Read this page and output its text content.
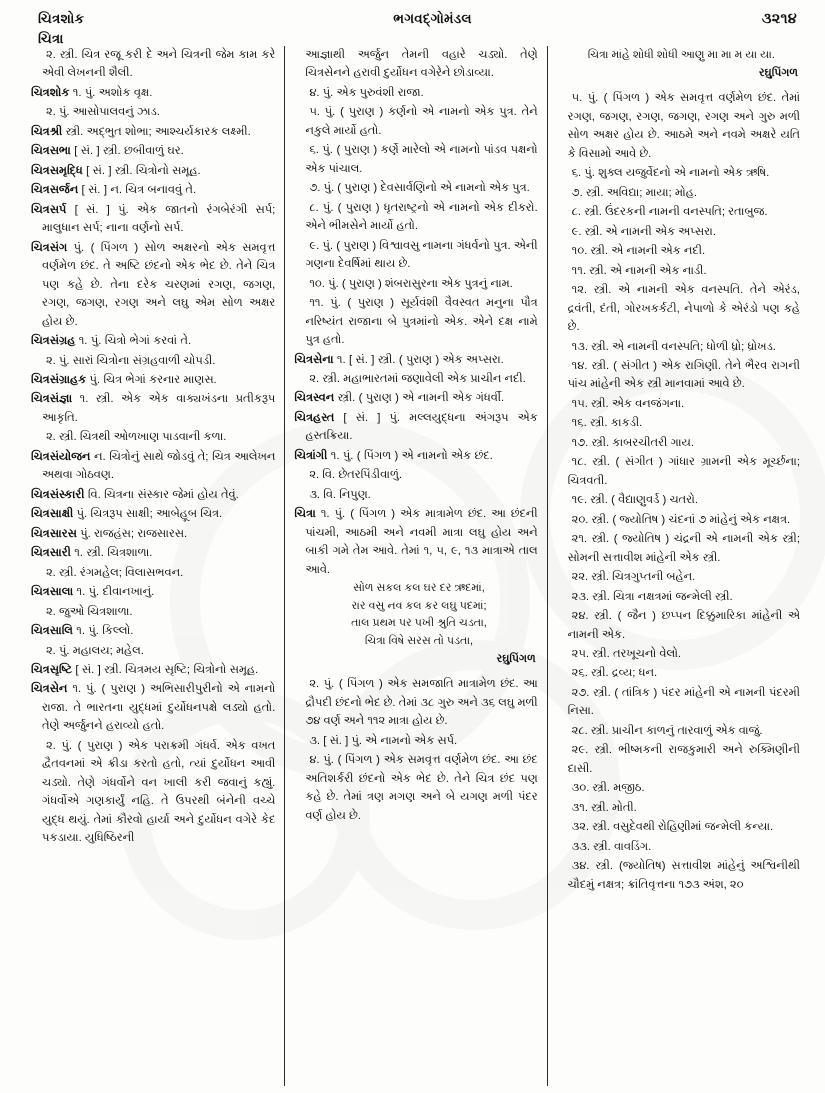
ચિત્રશોક	ભગવદ્ગોમંડલ	૩૨૧૪
ચિત્રા

૨. સ્ત્રી. ચિત્ર રજૂ કરી દે અને ચિત્રની જેમ કામ કરે એવી લેખનની શૈલી.

ચિત્રશોક ૧. પું. અશોક વૃક્ષ.

૨. પું. આસોપાલવનું ઝાડ.

ચિત્રશ્રી સ્ત્રી. અદ્ભુત શોભા; આશ્ચર્યકારક લક્ષ્મી.

ચિત્રસભા [ સં. ] સ્ત્રી. છબીવાળું ઘર.

ચિત્રસમૃદ્ધિ [ સં. ] સ્ત્રી. ચિત્રોનો સમૂહ.

ચિત્રસર્જન [ સં. ] ન. ચિત્ર બનાવવું તે.

ચિત્રસર્પ [ સં. ] પું. એક જાતનો રંગબેરંગી સર્પ; માલુધાન સર્પ; નાના વર્ણનો સર્પ.

ચિત્રસંગ પું. ( પિંગળ ) સોળ અક્ષરનો એક સમવૃત્ત વર્ણમેળ છંદ. તે અષ્ટિ છંદનો એક ભેદ છે. તેને ચિત્ર પણ કહે છે. તેના દરેક ચરણમાં રગણ, જગણ, રગણ, જગણ, રગણ અને લઘુ એમ સોળ અક્ષર હોય છે.

ચિત્રસંગ્રહ ૧. પું. ચિત્રો ભેગાં કરવાં તે.

૨. પું. સારાં ચિત્રોના સંગ્રહવાળી ચોપડી.

ચિત્રસંગ્રાહક પું. ચિત્ર ભેગાં કરનાર માણસ.

ચિત્રસંજ્ઞા ૧. સ્ત્રી. એક એક વાક્યખંડના પ્રતીકરૂપ આકૃતિ.

૨. સ્ત્રી. ચિત્રથી ઓળખાણ પાડવાની કળા.

ચિત્રસંયોજન ન. ચિત્રોનું સાથે જોડવું તે; ચિત્ર આલેખન અથવા ગોઠવણ.

ચિત્રસંસ્કારી વિ. ચિત્રના સંસ્કાર જેમાં હોય તેવું.

ચિત્રસાક્ષી પું. ચિત્રરૂપ સાક્ષી; આબેહૂબ ચિત્ર.

ચિત્રસારસ પું. રાજહંસ; રાજસારસ.

ચિત્રસારી ૧. સ્ત્રી. ચિત્રશાળા.

૨. સ્ત્રી. રંગમહેલ; વિલાસભવન.

ચિત્રસાલા ૧. પું. દીવાનખાનું.

૨. જુઓ ચિત્રશાળા.

ચિત્રસાલિ ૧. પું. કિલ્લો.

૨. પું. મહાલય; મહેલ.

ચિત્રસૃષ્ટિ [ સં. ] સ્ત્રી. ચિત્રમય સૃષ્ટિ; ચિત્રોનો સમૂહ.

ચિત્રસેન ૧. પું. ( પુરાણ ) અભિસારીપુરીનો એ નામનો રાજા. તે ભારતના યુદ્ધમાં દુર્યોધનપક્ષે લડ્યો હતો. તેણે અર્જુનને હરાવ્યો હતો.

૨. પું. ( પુરાણ ) એક પરાક્રમી ગંધર્વ. એક વખત દ્વૈતવનમાં એ ક્રીડા કરતો હતો, ત્યાં દુર્યોધન આવી ચડ્યો. તેણે ગંધર્વોને વન ખાલી કરી જવાનું કહ્યું. ગંધર્વોએ ગણકાર્યું નહિ. તે ઉપરથી બંનેની વચ્ચે યુદ્ધ થયું. તેમાં કૌરવો હાર્યા અને દુર્યોધન વગેરે કેદ પકડાયા. યુધિષ્ઠિરની

આજ્ઞાથી અર્જુન તેમની વહારે ચડ્યો. તેણે ચિત્રસેનને હરાવી દુર્યોધન વગેરેને છોડાવ્યા.

૪. પું. એક પુરુવંશી રાજા.

૫. પું. ( પુરાણ ) કર્ણનો એ નામનો એક પુત્ર. તેને નકુલે માર્યો હતો.

૬. પું. ( પુરાણ ) કર્ણે મારેલો એ નામનો પાંડવ પક્ષનો એક પાંચાલ.

૭. પું. ( પુરાણ ) દેવસાર્વણિનો એ નામનો એક પુત્ર.

૮. પું. ( પુરાણ ) ધૃતરાષ્ટ્રનો એ નામનો એક દીકરો. એને ભીમસેને માર્યો હતો.

૯. પું. ( પુરાણ ) વિશ્વાવસુ નામના ગંધર્વનો પુત્ર. એની ગણના દેવર્ષિમાં થાય છે.

૧૦. પું. ( પુરાણ ) શંબરાસુરના એક પુત્રનું નામ.

૧૧. પું. ( પુરાણ ) સૂર્યવંશી વૈવસ્વત મનુના પૌત્ર નરિષ્યંત રાજાના બે પુત્રમાંનો એક. એને દક્ષ નામે પુત્ર હતો.

ચિત્રસેના ૧. [ સં. ] સ્ત્રી. ( પુરાણ ) એક અપ્સરા.

૨. સ્ત્રી. મહાભારતમાં જણાવેલી એક પ્રાચીન નદી.

ચિત્રસ્વન સ્ત્રી. ( પુરાણ ) એ નામની એક ગંધર્વી.

ચિત્રહસ્ત [ સં. ] પું. મલ્લયુદ્ધના અંગરૂપ એક હસ્તક્રિયા.

ચિત્રાંગી ૧. પું. ( પિંગળ ) એ નામનો એક છંદ.

૨. વિ. છેતરપિંડીવાળું.

૩. વિ. નિપુણ.

ચિત્રા ૧. પું. ( પિંગળ ) એક માત્રામેળ છંદ. આ છંદની પાંચમી, આઠમી અને નવમી માત્રા લઘુ હોય અને બાકી ગમે તેમ આવે. તેમાં ૧, ૫, ૯, ૧૩ માત્રાએ તાલ આવે.

સોળ સકલ કલ ઘર દર ઋદમાં,
રાર વસુ નવ કલ કર લઘુ પદમાં;
તાલ પ્રથમ પર પખી શ્રુતિ ચડતા,
ચિત્રા વિષે સરસ તો પડતા,
રઘુપિંગળ

૨. પું. ( પિંગળ ) એક સમજાતિ માત્રામેળ છંદ. આ દ્રૌપદી છંદનો ભેદ છે. તેમાં ૩૮ ગુરુ અને ૩૬ લઘુ મળી ૭૪ વર્ણ અને ૧૧૨ માત્રા હોય છે.

૩. [ સં. ] પું. એ નામનો એક સર્પ.

૪. પું. ( પિંગળ ) એક સમવૃત્ત વર્ણમેળ છંદ. આ છંદ અતિશર્કરી છંદનો એક ભેદ છે. તેને ચિત્ર છંદ પણ કહે છે. તેમાં ત્રણ મગણ અને બે યગણ મળી પંદર વર્ણ હોય છે.

ચિત્રા માંહે શોધી શોધી આણુ મા મા મ યા યા.
રઘુપિંગળ

૫. પું. ( પિંગળ ) એક સમવૃત્ત વર્ણમેળ છંદ. તેમાં રગણ, જગણ, રગણ, જગણ, રગણ અને ગુરુ મળી સોળ અક્ષર હોય છે. આઠમે અને નવમે અક્ષરે યતિ કે વિસામો આવે છે.

૬. પું. શુક્લ યજુર્વેદનો એ નામનો એક ઋષિ.

૭. સ્ત્રી. અવિદ્યા; માયા; મોહ.

૮. સ્ત્રી. ઉંદરકની નામની વનસ્પતિ; રતાબુજ.

૯. સ્ત્રી. એ નામની એક અપ્સરા.

૧૦. સ્ત્રી. એ નામની એક નદી.

૧૧. સ્ત્રી. એ નામની એક નાડી.

૧૨. સ્ત્રી. એ નામની એક વનસ્પતિ. તેને એરંડ, દ્રવંતી, દંતી, ગોરખકર્કટી, નેપાળો કે એરંડો પણ કહે છે.

૧૩. સ્ત્રી. એ નામની વનસ્પતિ; ધોળી ધ્રો; ધ્રોખડ.

૧૪. સ્ત્રી. ( સંગીત ) એક રાગિણી. તેને ભૈરવ રાગની પાંચ માંહેની એક સ્ત્રી માનવામાં આવે છે.

૧૫. સ્ત્રી. એક વનજંગના.

૧૬. સ્ત્રી. કાકડી.

૧૭. સ્ત્રી. કાબરચીતરી ગાય.

૧૮. સ્ત્રી. ( સંગીત ) ગાંધાર ગ્રામની એક મૂર્ચ્છના; ચિત્રવતી.

૧૯. સ્ત્રી. ( વૈદ્યાણુવર્ડ ) ચતરો.

૨૦. સ્ત્રી. ( જ્યોતિષ ) ચંદનાં ૭ માંહેનું એક નક્ષત્ર.

૨૧. સ્ત્રી. ( જ્યોતિષ ) ચંદ્રની એ નામની એક સ્ત્રી; સોમની સત્તાવીશ માંહેની એક સ્ત્રી.

૨૨. સ્ત્રી. ચિત્રગુપ્તની બહેન.

૨૩. સ્ત્રી. ચિત્રા નક્ષત્રમાં જન્મેલી સ્ત્રી.

૨૪. સ્ત્રી. ( જૈન ) છપ્પન દિક્કુમારિકા માંહેની એ નામની એક.

૨૫. સ્ત્રી. તરખૂચનો વેલો.

૨૬. સ્ત્રી. દ્રવ્ય; ધન.

૨૭. સ્ત્રી. ( તાંત્રિક ) પંદર માંહેની એ નામની પંદરમી નિસા.

૨૮. સ્ત્રી. પ્રાચીન કાળનું તારવાળું એક વાજું.

૨૯. સ્ત્રી. ભીષ્મકની રાજકુમારી અને રુક્મિણીની દાસી.

૩૦. સ્ત્રી. મજીઠ.

૩૧. સ્ત્રી. મોતી.

૩૨. સ્ત્રી. વસુદેવથી રોહિણીમાં જન્મેલી કન્યા.

૩૩. સ્ત્રી. વાવડિંગ.

૩૪. સ્ત્રી. (જ્યોતિષ) સત્તાવીશ માંહેનું અશ્વિનીથી ચૌદમું નક્ષત્ર; ક્રાંતિવૃત્તના ૧૭૩ અંશ, ૨૦
